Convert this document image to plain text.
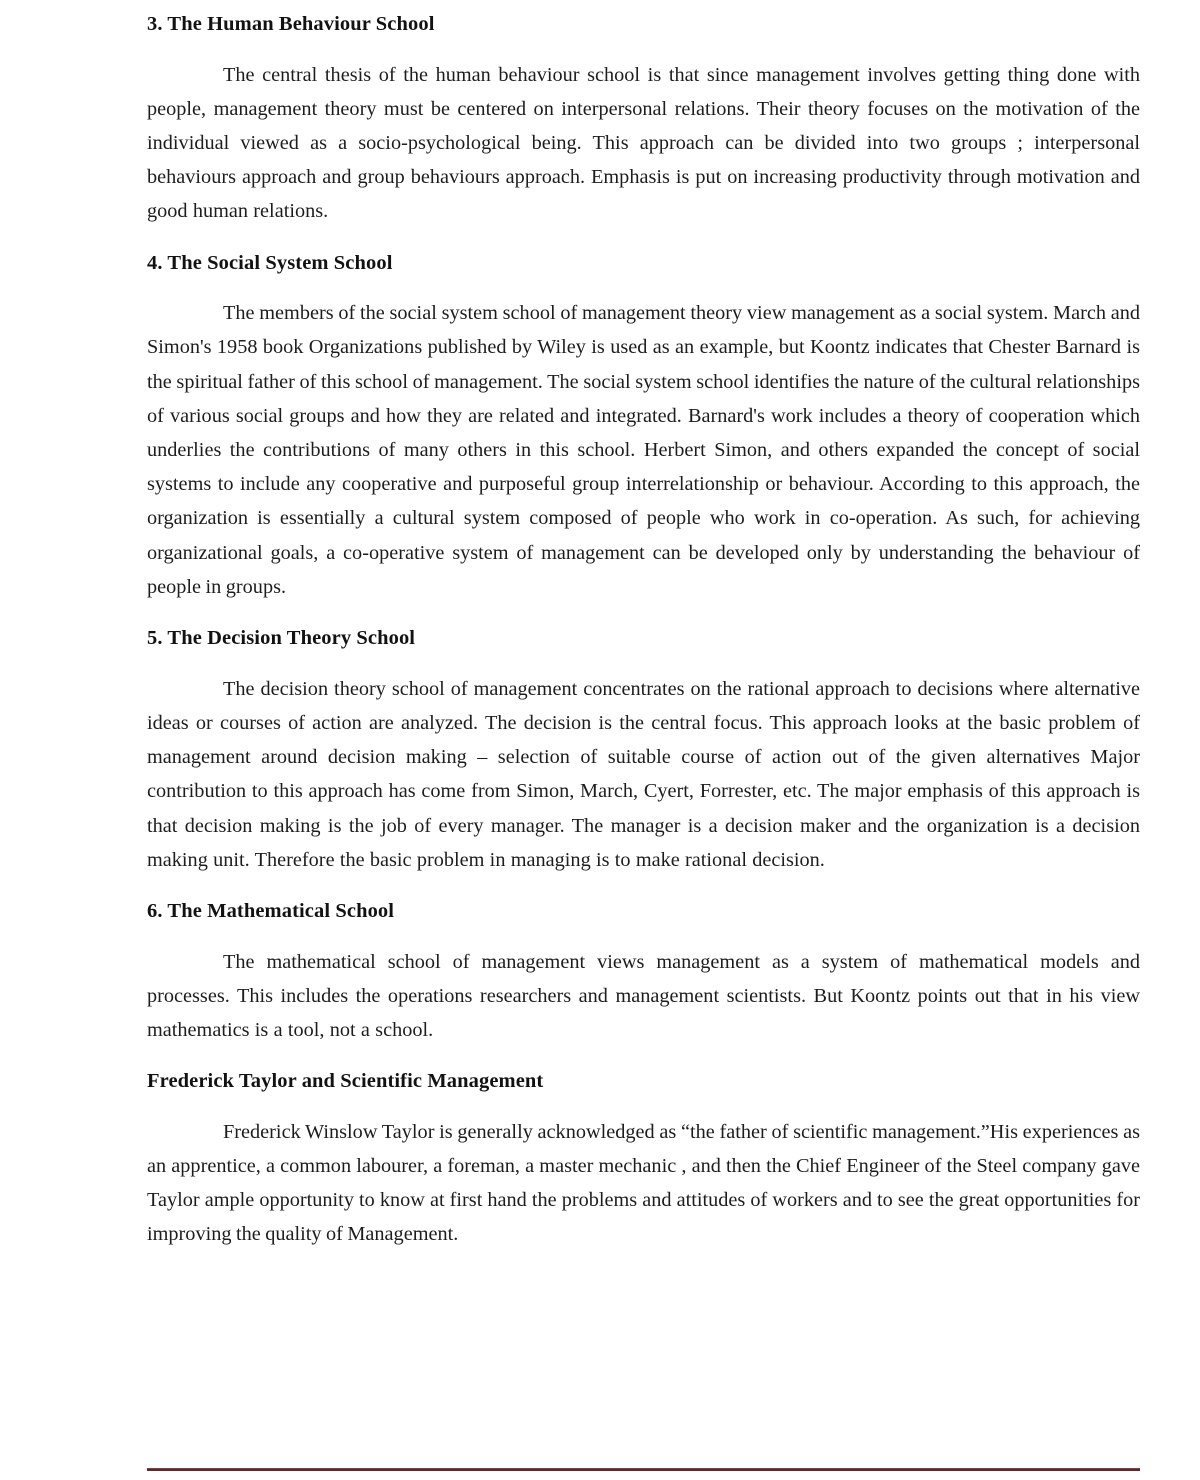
3. The Human Behaviour School

The central thesis of the human behaviour school is that since management involves getting thing done with people, management theory must be centered on interpersonal relations. Their theory focuses on the motivation of the individual viewed as a socio-psychological being. This approach can be divided into two groups ; interpersonal behaviours approach and group behaviours approach. Emphasis is put on increasing productivity through motivation and good human relations.

4. The Social System School

The members of the social system school of management theory view management as a social system. March and Simon's 1958 book Organizations published by Wiley is used as an example, but Koontz indicates that Chester Barnard is the spiritual father of this school of management. The social system school identifies the nature of the cultural relationships of various social groups and how they are related and integrated. Barnard's work includes a theory of cooperation which underlies the contributions of many others in this school. Herbert Simon, and others expanded the concept of social systems to include any cooperative and purposeful group interrelationship or behaviour. According to this approach, the organization is essentially a cultural system composed of people who work in co-operation. As such, for achieving organizational goals, a co-operative system of management can be developed only by understanding the behaviour of people in groups.

5. The Decision Theory School

The decision theory school of management concentrates on the rational approach to decisions where alternative ideas or courses of action are analyzed. The decision is the central focus. This approach looks at the basic problem of management around decision making – selection of suitable course of action out of the given alternatives Major contribution to this approach has come from Simon, March, Cyert, Forrester, etc. The major emphasis of this approach is that decision making is the job of every manager. The manager is a decision maker and the organization is a decision making unit. Therefore the basic problem in managing is to make rational decision.

6. The Mathematical School

The mathematical school of management views management as a system of mathematical models and processes. This includes the operations researchers and management scientists. But Koontz points out that in his view mathematics is a tool, not a school.

Frederick Taylor and Scientific Management

Frederick Winslow Taylor is generally acknowledged as “the father of scientific management.”His experiences as an apprentice, a common labourer, a foreman, a master mechanic , and then the Chief Engineer of the Steel company gave Taylor ample opportunity to know at first hand the problems and attitudes of workers and to see the great opportunities for improving the quality of Management.
